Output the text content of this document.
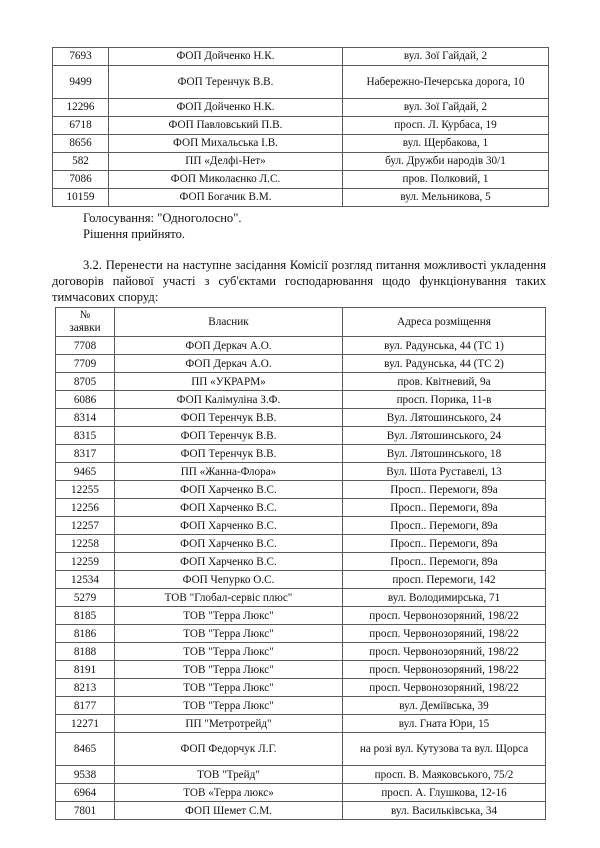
7693	ФОП Дойченко Н.К.	вул. Зої Гайдай, 2
9499	ФОП Теренчук В.В.	Набережно-Печерська дорога, 10
12296	ФОП Дойченко Н.К.	вул. Зої Гайдай, 2
6718	ФОП Павловський П.В.	просп. Л. Курбаса, 19
8656	ФОП Михальська І.В.	вул. Щербакова, 1
582	ПП «Делфі-Нет»	бул. Дружби народів 30/1
7086	ФОП Миколаєнко Л.С.	пров. Полковий, 1
10159	ФОП Богачик В.М.	вул. Мельникова, 5
Голосування: "Одноголосно".
Рішення прийнято.
3.2. Перенести на наступне засідання Комісії розгляд питання можливості укладення договорів пайової участі з суб'єктами господарювання щодо функціонування таких тимчасових споруд:
№
заявки	Власник	Адреса розміщення
7708	ФОП Деркач А.О.	вул. Радунська, 44 (ТС 1)
7709	ФОП Деркач А.О.	вул. Радунська, 44 (ТС 2)
8705	ПП «УКРАРМ»	пров. Квітневий, 9а
6086	ФОП Калімуліна З.Ф.	просп. Порика, 11-в
8314	ФОП Теренчук В.В.	Вул. Лятошинського, 24
8315	ФОП Теренчук В.В.	Вул. Лятошинського, 24
8317	ФОП Теренчук В.В.	Вул. Лятошинського, 18
9465	ПП «Жанна-Флора»	Вул. Шота Руставелі, 13
12255	ФОП Харченко В.С.	Просп.. Перемоги, 89а
12256	ФОП Харченко В.С.	Просп.. Перемоги, 89а
12257	ФОП Харченко В.С.	Просп.. Перемоги, 89а
12258	ФОП Харченко В.С.	Просп.. Перемоги, 89а
12259	ФОП Харченко В.С.	Просп.. Перемоги, 89а
12534	ФОП Чепурко О.С.	просп. Перемоги, 142
5279	ТОВ "Глобал-сервіс плюс"	вул. Володимирська, 71
8185	ТОВ "Терра Люкс"	просп. Червонозоряний, 198/22
8186	ТОВ "Терра Люкс"	просп. Червонозоряний, 198/22
8188	ТОВ "Терра Люкс"	просп. Червонозоряний, 198/22
8191	ТОВ "Терра Люкс"	просп. Червонозоряний, 198/22
8213	ТОВ "Терра Люкс"	просп. Червонозоряний, 198/22
8177	ТОВ "Терра Люкс"	вул. Деміївська, 39
12271	ПП "Метротрейд"	вул. Гната Юри, 15
8465	ФОП Федорчук Л.Г.	на розі вул. Кутузова та вул. Щорса
9538	ТОВ "Трейд"	просп. В. Маяковського, 75/2
6964	ТОВ «Терра люкс»	просп. А. Глушкова, 12-16
7801	ФОП Шемет С.М.	вул. Васильківська, 34
